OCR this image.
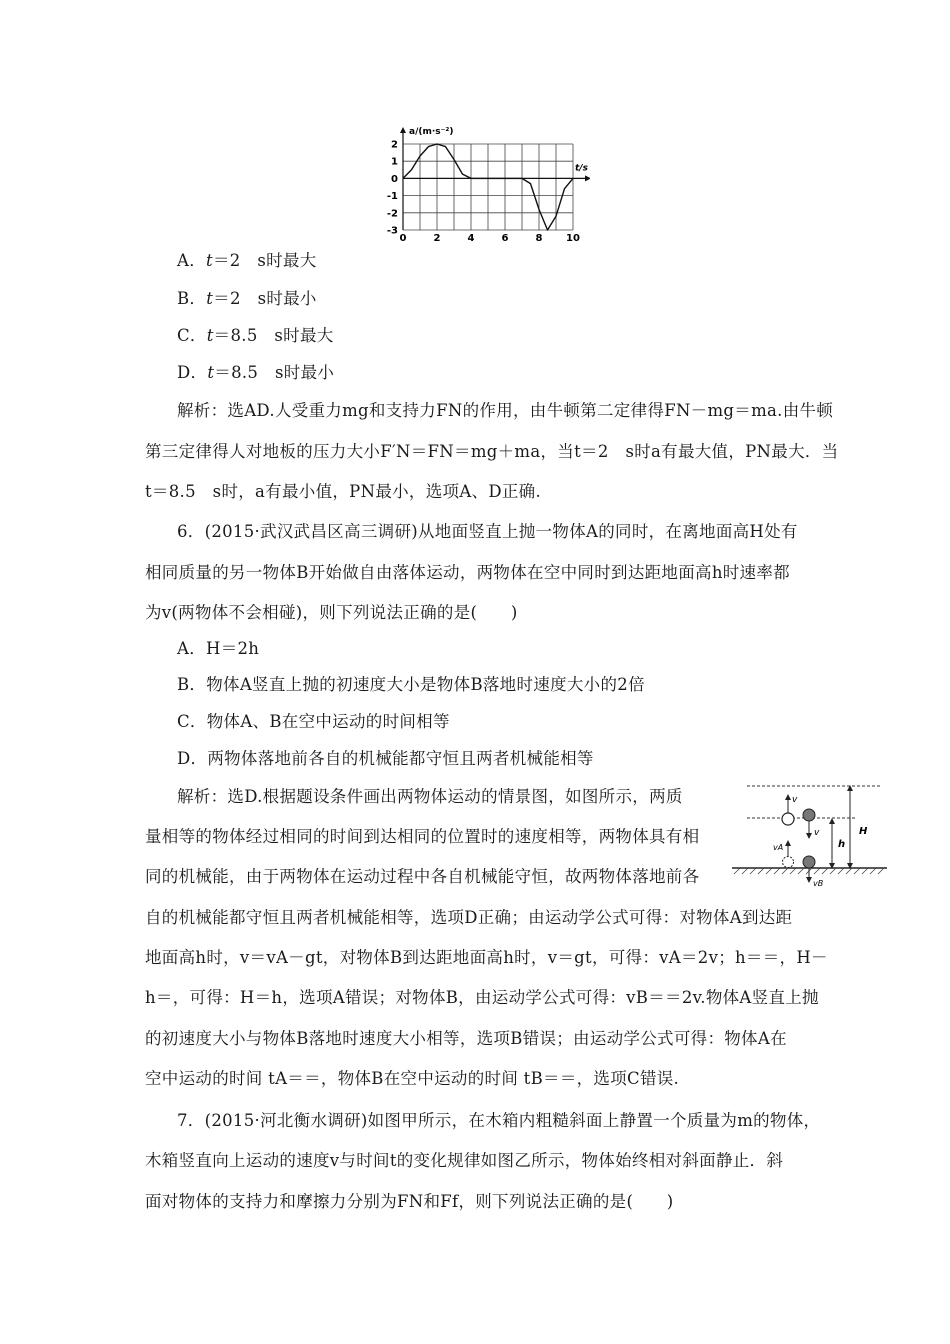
0	2	4	6	8 10
2
1
0
-1
-2
-3
a/(m·s⁻²)
t/s
A．t＝2　s时最大
B．t＝2　s时最小
C．t＝8.5　s时最大
D．t＝8.5　s时最小
解析：选AD.人受重力mg和支持力FN的作用，由牛顿第二定律得FN－mg＝ma.由牛顿
第三定律得人对地板的压力大小F′N＝FN＝mg＋ma，当t＝2　s时a有最大值，PN最大．当
t＝8.5　s时，a有最小值，PN最小，选项A、D正确.
6．(2015·武汉武昌区高三调研)从地面竖直上抛一物体A的同时，在离地面高H处有
相同质量的另一物体B开始做自由落体运动，两物体在空中同时到达距地面高h时速率都
为v(两物体不会相碰)，则下列说法正确的是(　　)
A．H＝2h
B．物体A竖直上抛的初速度大小是物体B落地时速度大小的2倍
C．物体A、B在空中运动的时间相等
D．两物体落地前各自的机械能都守恒且两者机械能相等
解析：选D.根据题设条件画出两物体运动的情景图，如图所示，两质
量相等的物体经过相同的时间到达相同的位置时的速度相等，两物体具有相
同的机械能，由于两物体在运动过程中各自机械能守恒，故两物体落地前各
自的机械能都守恒且两者机械能相等，选项D正确；由运动学公式可得：对物体A到达距
地面高h时，v＝vA－gt，对物体B到达距地面高h时，v＝gt，可得：vA＝2v；h＝＝，H－
h＝，可得：H＝h，选项A错误；对物体B，由运动学公式可得：vB＝＝2v.物体A竖直上抛
的初速度大小与物体B落地时速度大小相等，选项B错误；由运动学公式可得：物体A在
空中运动的时间 tA＝＝，物体B在空中运动的时间 tB＝＝，选项C错误.
v
v
vA
vB
h
H
7．(2015·河北衡水调研)如图甲所示，在木箱内粗糙斜面上静置一个质量为m的物体，
木箱竖直向上运动的速度v与时间t的变化规律如图乙所示，物体始终相对斜面静止．斜
面对物体的支持力和摩擦力分别为FN和Ff，则下列说法正确的是(　　)
